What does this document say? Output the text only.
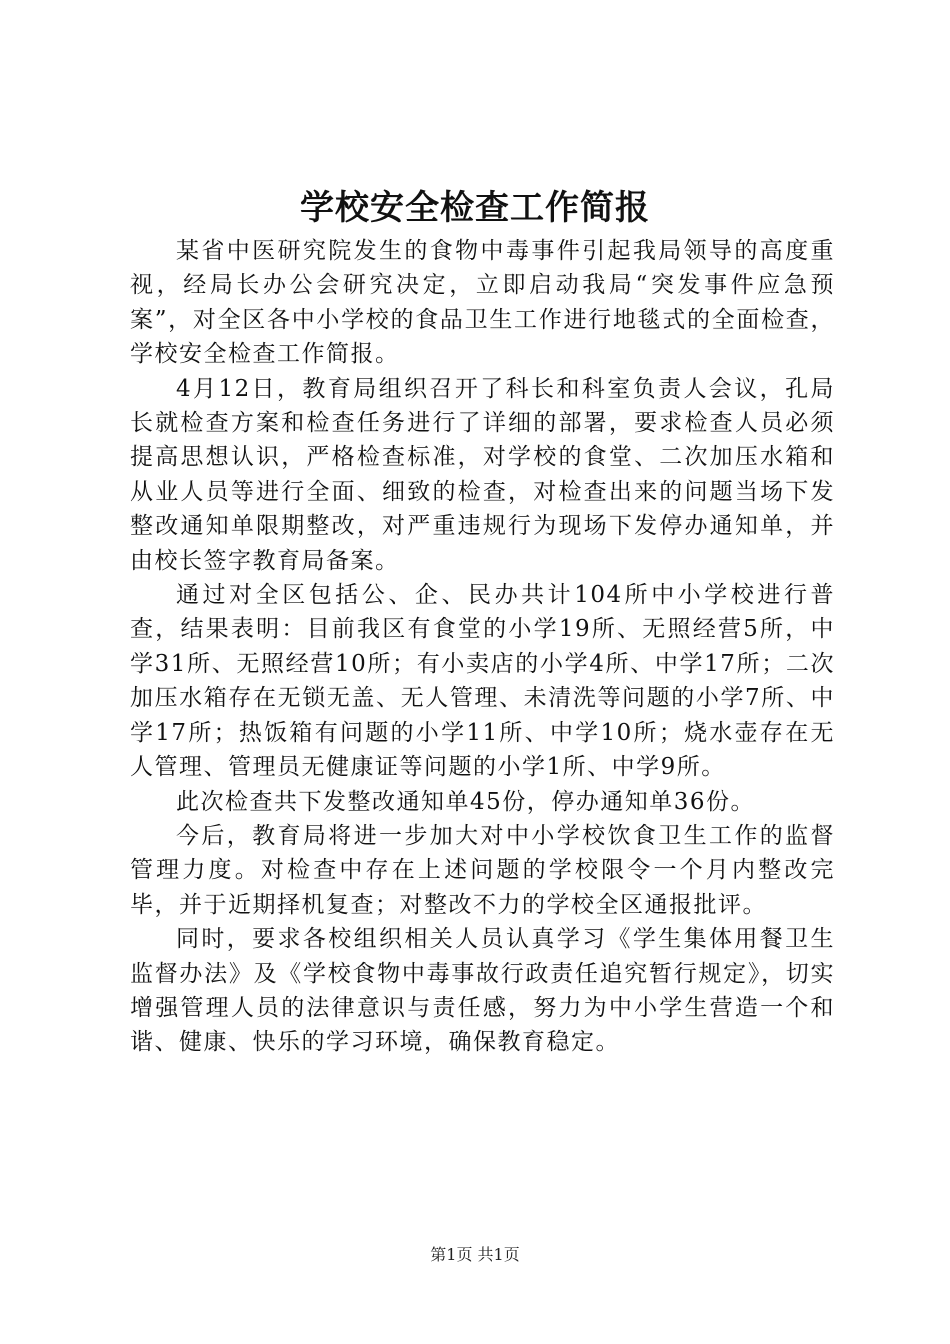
学校安全检查工作简报

某省中医研究院发生的食物中毒事件引起我局领导的高度重视，经局长办公会研究决定，立即启动我局“突发事件应急预案”，对全区各中小学校的食品卫生工作进行地毯式的全面检查，学校安全检查工作简报。

4月12日，教育局组织召开了科长和科室负责人会议，孔局长就检查方案和检查任务进行了详细的部署，要求检查人员必须提高思想认识，严格检查标准，对学校的食堂、二次加压水箱和从业人员等进行全面、细致的检查，对检查出来的问题当场下发整改通知单限期整改，对严重违规行为现场下发停办通知单，并由校长签字教育局备案。

通过对全区包括公、企、民办共计104所中小学校进行普查，结果表明：目前我区有食堂的小学19所、无照经营5所，中学31所、无照经营10所；有小卖店的小学4所、中学17所；二次加压水箱存在无锁无盖、无人管理、未清洗等问题的小学7所、中学17所；热饭箱有问题的小学11所、中学10所；烧水壶存在无人管理、管理员无健康证等问题的小学1所、中学9所。

此次检查共下发整改通知单45份，停办通知单36份。

今后，教育局将进一步加大对中小学校饮食卫生工作的监督管理力度。对检查中存在上述问题的学校限令一个月内整改完毕，并于近期择机复查；对整改不力的学校全区通报批评。

同时，要求各校组织相关人员认真学习《学生集体用餐卫生监督办法》及《学校食物中毒事故行政责任追究暂行规定》，切实增强管理人员的法律意识与责任感，努力为中小学生营造一个和谐、健康、快乐的学习环境，确保教育稳定。

第1页 共1页
